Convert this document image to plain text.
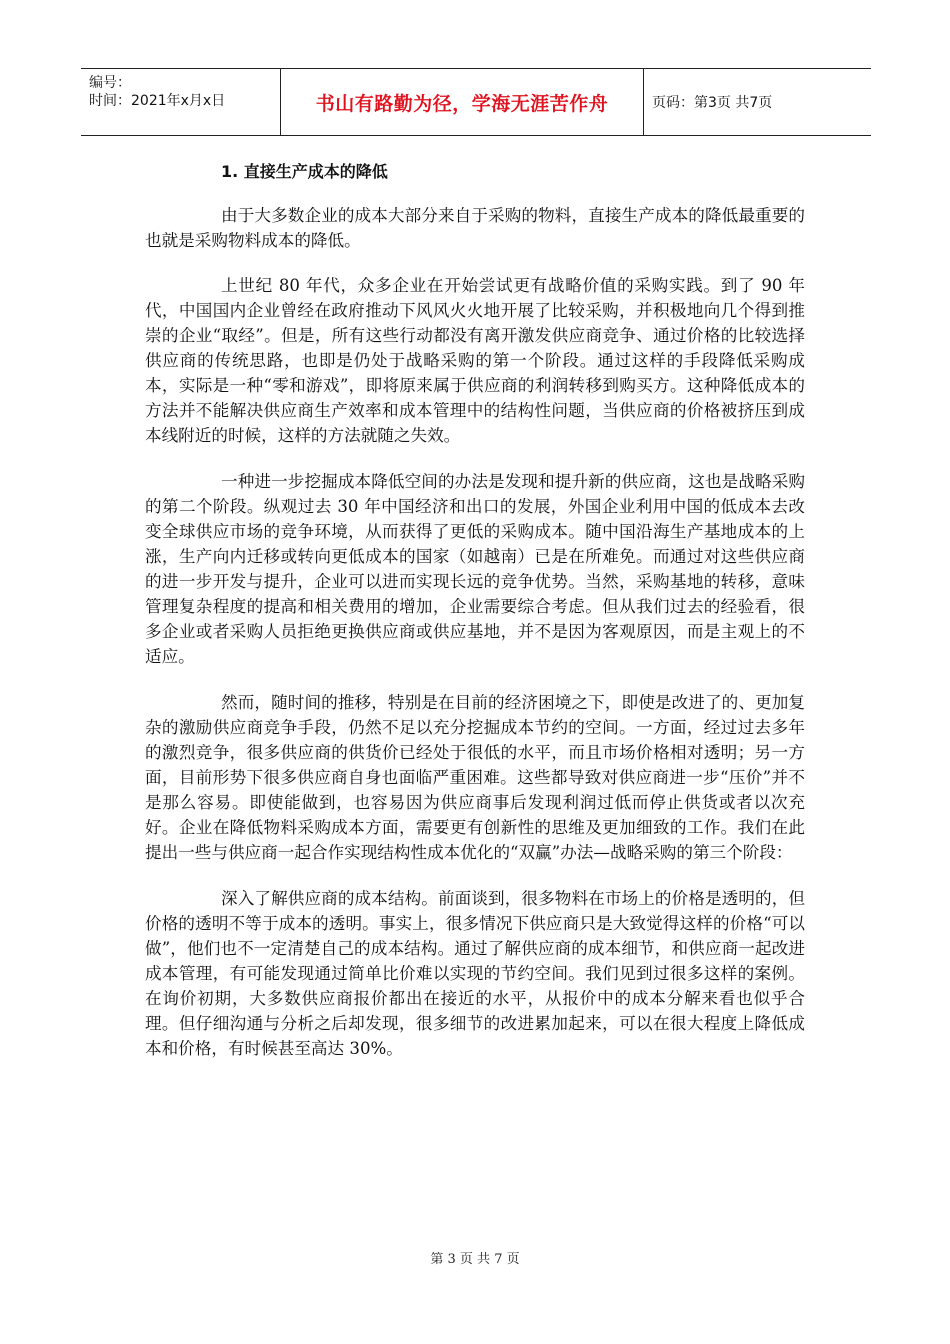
编号：
时间：2021年x月x日	书山有路勤为径，学海无涯苦作舟	页码：第3页 共7页
1. 直接生产成本的降低

由于大多数企业的成本大部分来自于采购的物料，直接生产成本的降低最重要的也就是采购物料成本的降低。

上世纪 80 年代，众多企业在开始尝试更有战略价值的采购实践。到了 90 年代，中国国内企业曾经在政府推动下风风火火地开展了比较采购，并积极地向几个得到推崇的企业“取经”。但是，所有这些行动都没有离开激发供应商竞争、通过价格的比较选择供应商的传统思路，也即是仍处于战略采购的第一个阶段。通过这样的手段降低采购成本，实际是一种“零和游戏”，即将原来属于供应商的利润转移到购买方。这种降低成本的方法并不能解决供应商生产效率和成本管理中的结构性问题，当供应商的价格被挤压到成本线附近的时候，这样的方法就随之失效。

一种进一步挖掘成本降低空间的办法是发现和提升新的供应商，这也是战略采购的第二个阶段。纵观过去 30 年中国经济和出口的发展，外国企业利用中国的低成本去改变全球供应市场的竞争环境，从而获得了更低的采购成本。随中国沿海生产基地成本的上涨，生产向内迁移或转向更低成本的国家（如越南）已是在所难免。而通过对这些供应商的进一步开发与提升，企业可以进而实现长远的竞争优势。当然，采购基地的转移，意味管理复杂程度的提高和相关费用的增加，企业需要综合考虑。但从我们过去的经验看，很多企业或者采购人员拒绝更换供应商或供应基地，并不是因为客观原因，而是主观上的不适应。

然而，随时间的推移，特别是在目前的经济困境之下，即使是改进了的、更加复杂的激励供应商竞争手段，仍然不足以充分挖掘成本节约的空间。一方面，经过过去多年的激烈竞争，很多供应商的供货价已经处于很低的水平，而且市场价格相对透明；另一方面，目前形势下很多供应商自身也面临严重困难。这些都导致对供应商进一步“压价”并不是那么容易。即使能做到，也容易因为供应商事后发现利润过低而停止供货或者以次充好。企业在降低物料采购成本方面，需要更有创新性的思维及更加细致的工作。我们在此提出一些与供应商一起合作实现结构性成本优化的“双赢”办法—战略采购的第三个阶段：

深入了解供应商的成本结构。前面谈到，很多物料在市场上的价格是透明的，但价格的透明不等于成本的透明。事实上，很多情况下供应商只是大致觉得这样的价格“可以做”，他们也不一定清楚自己的成本结构。通过了解供应商的成本细节，和供应商一起改进成本管理，有可能发现通过简单比价难以实现的节约空间。我们见到过很多这样的案例。在询价初期，大多数供应商报价都出在接近的水平，从报价中的成本分解来看也似乎合理。但仔细沟通与分析之后却发现，很多细节的改进累加起来，可以在很大程度上降低成本和价格，有时候甚至高达 30%。

第 3 页 共 7 页
